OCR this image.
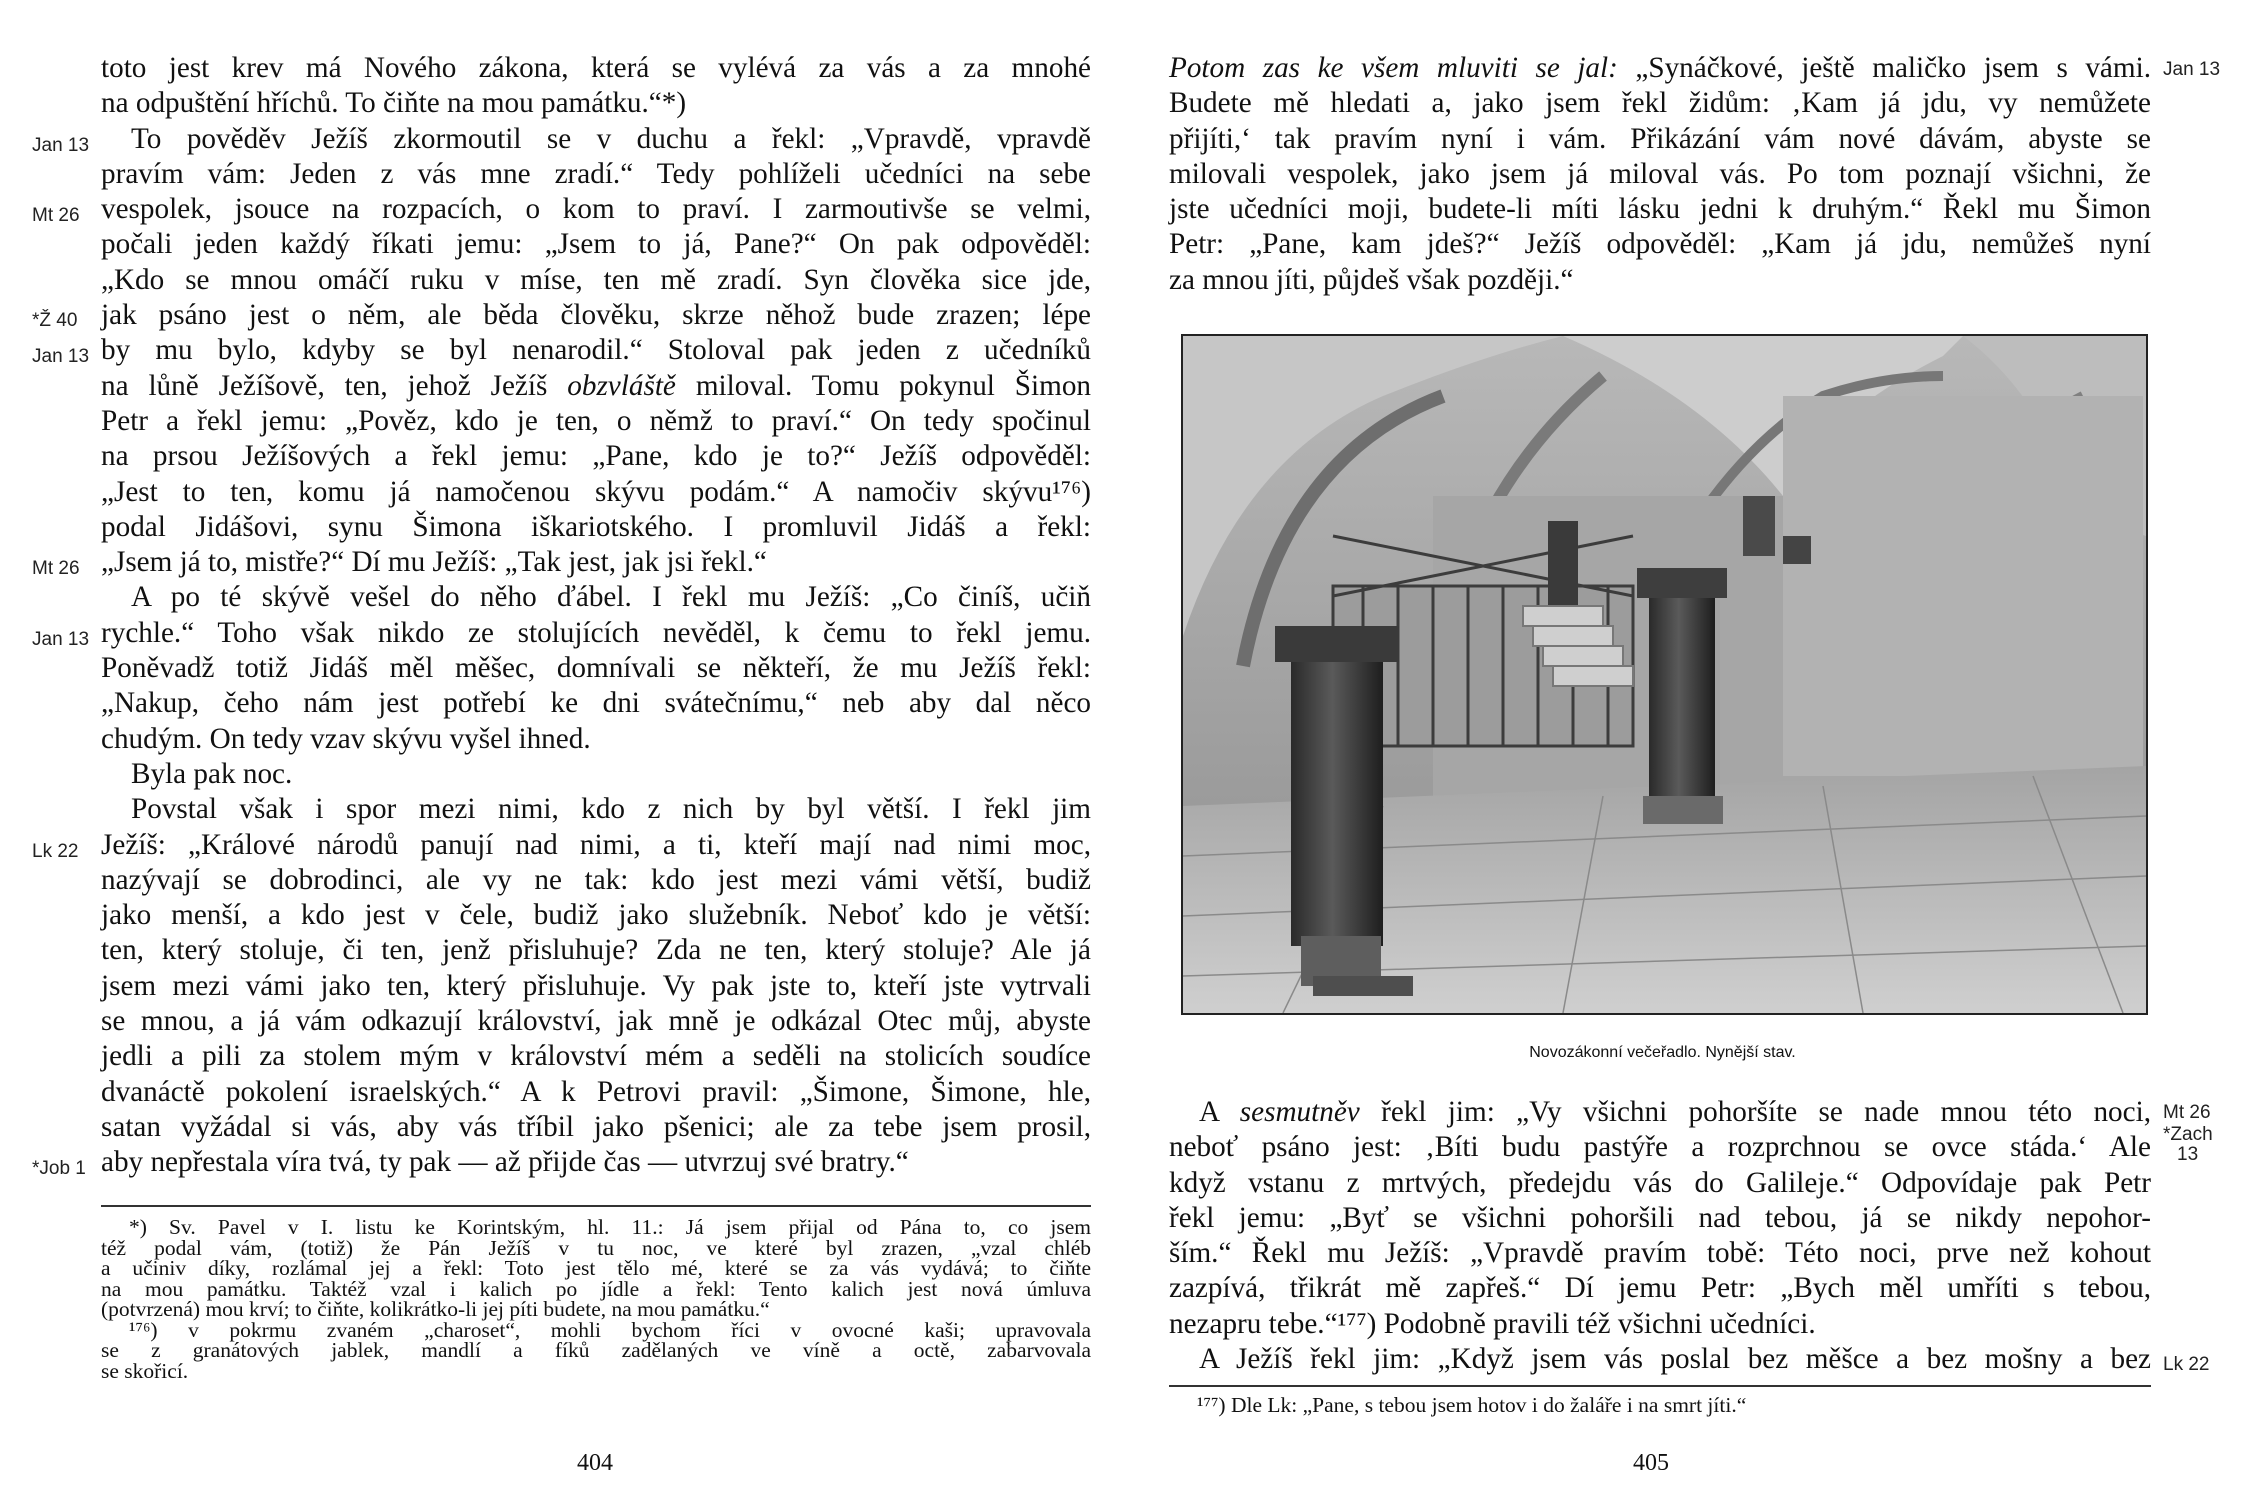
toto jest krev má Nového zákona, která se vylévá za vás a za mnohé
na odpuštění hříchů. To čiňte na mou památku.“*)
To pověděv Ježíš zkormoutil se v duchu a řekl: „Vpravdě, vpravdě
pravím vám: Jeden z vás mne zradí.“ Tedy pohlíželi učedníci na sebe
vespolek, jsouce na rozpacích, o kom to praví. I zarmoutivše se velmi,
počali jeden každý říkati jemu: „Jsem to já, Pane?“ On pak odpověděl:
„Kdo se mnou omáčí ruku v míse, ten mě zradí. Syn člověka sice jde,
jak psáno jest o něm, ale běda člověku, skrze něhož bude zrazen; lépe
by mu bylo, kdyby se byl nenarodil.“ Stoloval pak jeden z učedníků
na lůně Ježíšově, ten, jehož Ježíš obzvláště miloval. Tomu pokynul Šimon
Petr a řekl jemu: „Pověz, kdo je ten, o němž to praví.“ On tedy spočinul
na prsou Ježíšových a řekl jemu: „Pane, kdo je to?“ Ježíš odpověděl:
„Jest to ten, komu já namočenou skývu podám.“ A namočiv skývu¹⁷⁶)
podal Jidášovi, synu Šimona iškariotského. I promluvil Jidáš a řekl:
„Jsem já to, mistře?“ Dí mu Ježíš: „Tak jest, jak jsi řekl.“
A po té skývě vešel do něho ďábel. I řekl mu Ježíš: „Co činíš, učiň
rychle.“ Toho však nikdo ze stolujících nevěděl, k čemu to řekl jemu.
Poněvadž totiž Jidáš měl měšec, domnívali se někteří, že mu Ježíš řekl:
„Nakup, čeho nám jest potřebí ke dni svátečnímu,“ neb aby dal něco
chudým. On tedy vzav skývu vyšel ihned.
Byla pak noc.
Povstal však i spor mezi nimi, kdo z nich by byl větší. I řekl jim
Ježíš: „Králové národů panují nad nimi, a ti, kteří mají nad nimi moc,
nazývají se dobrodinci, ale vy ne tak: kdo jest mezi vámi větší, budiž
jako menší, a kdo jest v čele, budiž jako služebník. Neboť kdo je větší:
ten, který stoluje, či ten, jenž přisluhuje? Zda ne ten, který stoluje? Ale já
jsem mezi vámi jako ten, který přisluhuje. Vy pak jste to, kteří jste vytrvali
se mnou, a já vám odkazují království, jak mně je odkázal Otec můj, abyste
jedli a pili za stolem mým v království mém a seděli na stolicích soudíce
dvanáctě pokolení israelských.“ A k Petrovi pravil: „Šimone, Šimone, hle,
satan vyžádal si vás, aby vás tříbil jako pšenici; ale za tebe jsem prosil,
aby nepřestala víra tvá, ty pak — až přijde čas — utvrzuj své bratry.“
Jan 13
Mt 26
*Ž 40
Jan 13
Mt 26
Jan 13
Lk 22
*Job 1
*) Sv. Pavel v I. listu ke Korintským, hl. 11.: Já jsem přijal od Pána to, co jsem
též podal vám, (totiž) že Pán Ježíš v tu noc, ve které byl zrazen, „vzal chléb
a učiniv díky, rozlámal jej a řekl: Toto jest tělo mé, které se za vás vydává; to čiňte
na mou památku. Taktéž vzal i kalich po jídle a řekl: Tento kalich jest nová úmluva
(potvrzená) mou krví; to čiňte, kolikrátko-li jej píti budete, na mou památku.“
¹⁷⁶) v pokrmu zvaném „charoset“, mohli bychom říci v ovocné kaši; upravovala
se z granátových jablek, mandlí a fíků zadělaných ve víně a octě, zabarvovala
se skořicí.
404
Potom zas ke všem mluviti se jal: „Synáčkové, ještě maličko jsem s vámi.
Budete mě hledati a, jako jsem řekl židům: ‚Kam já jdu, vy nemůžete
přijíti,‘ tak pravím nyní i vám. Přikázání vám nové dávám, abyste se
milovali vespolek, jako jsem já miloval vás. Po tom poznají všichni, že
jste učedníci moji, budete-li míti lásku jedni k druhým.“ Řekl mu Šimon
Petr: „Pane, kam jdeš?“ Ježíš odpověděl: „Kam já jdu, nemůžeš nyní
za mnou jíti, půjdeš však později.“
Novozákonní večeřadlo. Nynější stav.
A sesmutněv řekl jim: „Vy všichni pohoršíte se nade mnou této noci,
neboť psáno jest: ‚Bíti budu pastýře a rozprchnou se ovce stáda.‘ Ale
když vstanu z mrtvých, předejdu vás do Galileje.“ Odpovídaje pak Petr
řekl jemu: „Byť se všichni pohoršili nad tebou, já se nikdy nepohor-
ším.“ Řekl mu Ježíš: „Vpravdě pravím tobě: Této noci, prve než kohout
zazpívá, třikrát mě zapřeš.“ Dí jemu Petr: „Bych měl umříti s tebou,
nezapru tebe.“¹⁷⁷) Podobně pravili též všichni učedníci.
A Ježíš řekl jim: „Když jsem vás poslal bez měšce a bez mošny a bez
Jan 13
Mt 26
*Zach
13
Lk 22
¹⁷⁷) Dle Lk: „Pane, s tebou jsem hotov i do žaláře i na smrt jíti.“
405
